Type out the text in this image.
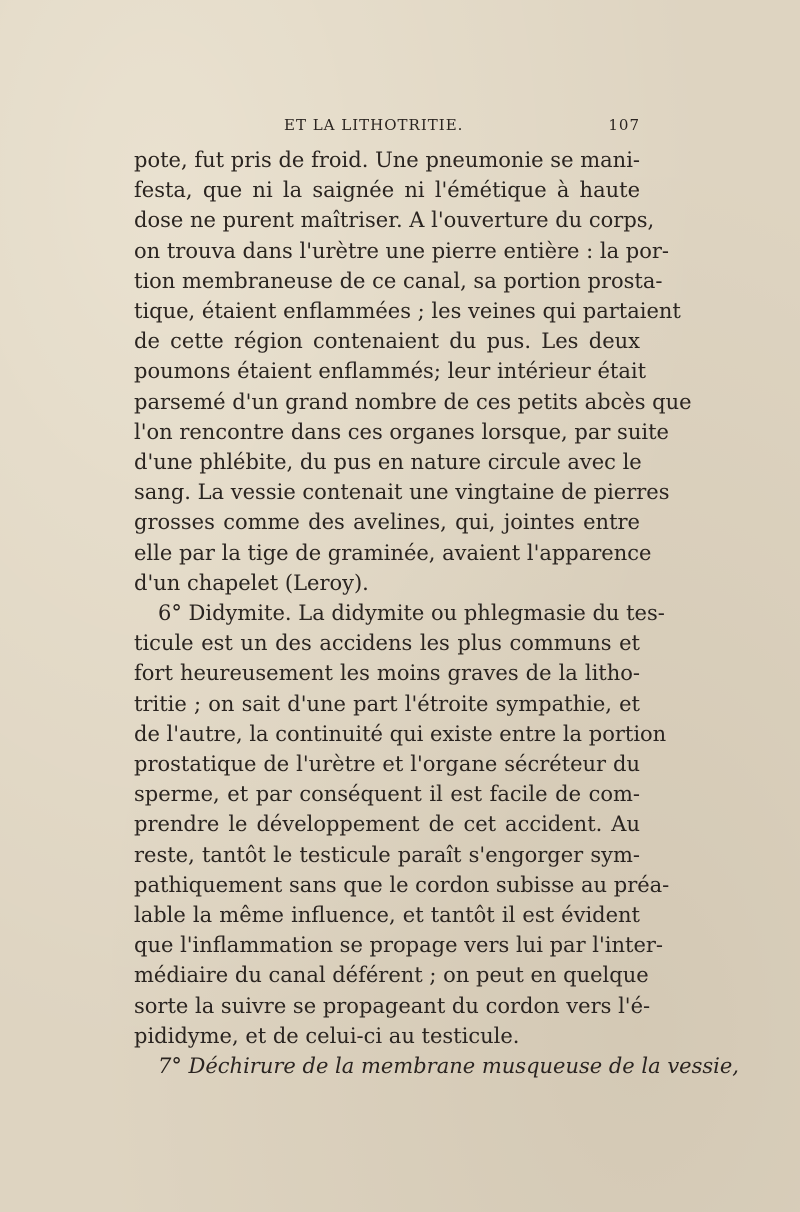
ET LA LITHOTRITIE.	107
pote, fut pris de froid. Une pneumonie se mani-
festa, que ni la saignée ni l'émétique à haute
dose ne purent maîtriser. A l'ouverture du corps,
on trouva dans l'urètre une pierre entière : la por-
tion membraneuse de ce canal, sa portion prosta-
tique, étaient enflammées ; les veines qui partaient
de cette région contenaient du pus. Les deux
poumons étaient enflammés; leur intérieur était
parsemé d'un grand nombre de ces petits abcès que
l'on rencontre dans ces organes lorsque, par suite
d'une phlébite, du pus en nature circule avec le
sang. La vessie contenait une vingtaine de pierres
grosses comme des avelines, qui, jointes entre
elle par la tige de graminée, avaient l'apparence
d'un chapelet (Leroy).
6° Didymite. La didymite ou phlegmasie du tes-
ticule est un des accidens les plus communs et
fort heureusement les moins graves de la litho-
tritie ; on sait d'une part l'étroite sympathie, et
de l'autre, la continuité qui existe entre la portion
prostatique de l'urètre et l'organe sécréteur du
sperme, et par conséquent il est facile de com-
prendre le développement de cet accident. Au
reste, tantôt le testicule paraît s'engorger sym-
pathiquement sans que le cordon subisse au préa-
lable la même influence, et tantôt il est évident
que l'inflammation se propage vers lui par l'inter-
médiaire du canal déférent ; on peut en quelque
sorte la suivre se propageant du cordon vers l'é-
pididyme, et de celui-ci au testicule.
7° Déchirure de la membrane musqueuse de la vessie,
